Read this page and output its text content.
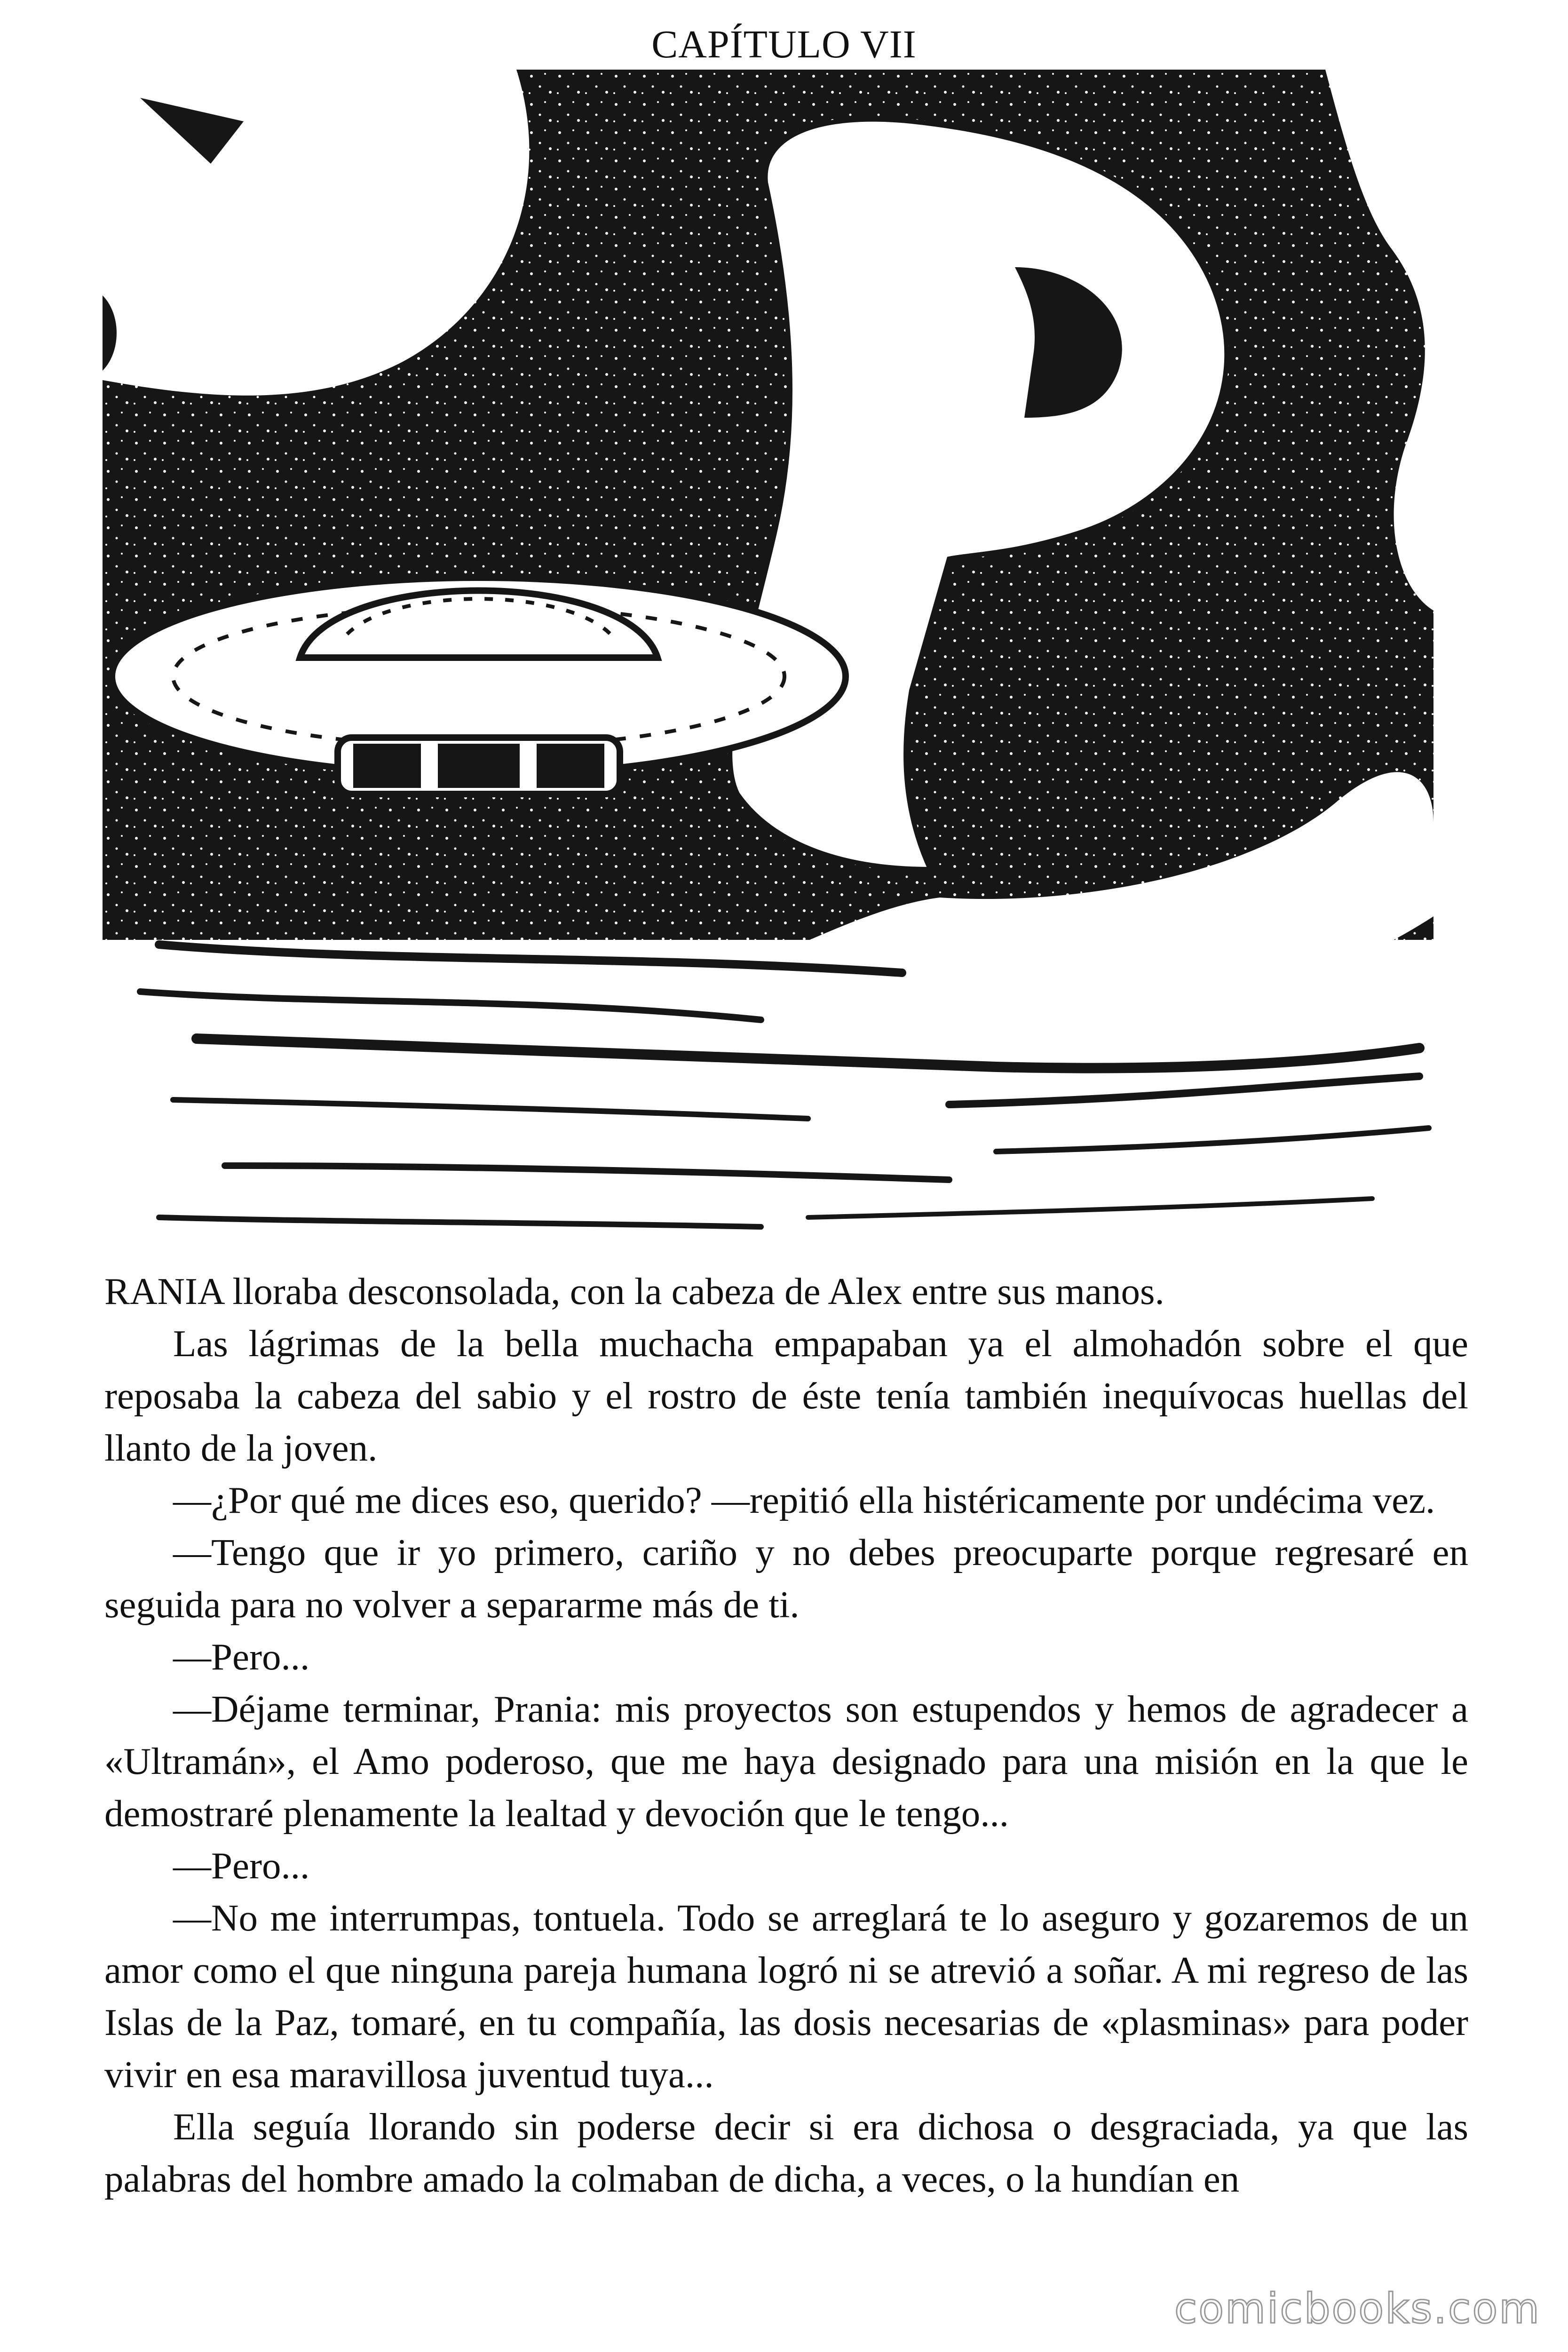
CAPÍTULO VII

RANIA lloraba desconsolada, con la cabeza de Alex entre sus manos.

Las lágrimas de la bella muchacha empapaban ya el almohadón sobre el que reposaba la cabeza del sabio y el rostro de éste tenía también inequívocas huellas del llanto de la joven.

—¿Por qué me dices eso, querido? —repitió ella histéricamente por undécima vez.

—Tengo que ir yo primero, cariño y no debes preocuparte porque regresaré en seguida para no volver a separarme más de ti.

—Pero...

—Déjame terminar, Prania: mis proyectos son estupendos y hemos de agradecer a «Ultramán», el Amo poderoso, que me haya designado para una misión en la que le demostraré plenamente la lealtad y devoción que le tengo...

—Pero...

—No me interrumpas, tontuela. Todo se arreglará te lo aseguro y gozaremos de un amor como el que ninguna pareja humana logró ni se atrevió a soñar. A mi regreso de las Islas de la Paz, tomaré, en tu compañía, las dosis necesarias de «plasminas» para poder vivir en esa maravillosa juventud tuya...

Ella seguía llorando sin poderse decir si era dichosa o desgraciada, ya que las palabras del hombre amado la colmaban de dicha, a veces, o la hundían en

comicbooks.com
